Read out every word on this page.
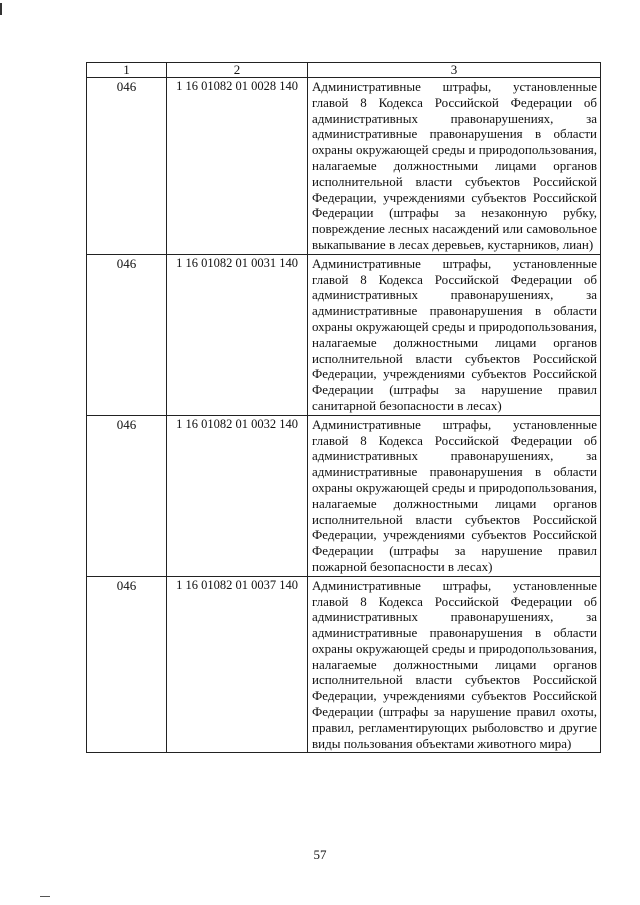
1	2	3
046	1 16 01082 01 0028 140	Административные штрафы, установленные главой 8 Кодекса Российской Федерации об административных правонарушениях, за административные правонарушения в области охраны окружающей среды и природопользования, налагаемые должностными лицами органов исполнительной власти субъектов Российской Федерации, учреждениями субъектов Российской Федерации (штрафы за незаконную рубку, повреждение лесных насаждений или самовольное выкапывание в лесах деревьев, кустарников, лиан)
046	1 16 01082 01 0031 140	Административные штрафы, установленные главой 8 Кодекса Российской Федерации об административных правонарушениях, за административные правонарушения в области охраны окружающей среды и природопользования, налагаемые должностными лицами органов исполнительной власти субъектов Российской Федерации, учреждениями субъектов Российской Федерации (штрафы за нарушение правил санитарной безопасности в лесах)
046	1 16 01082 01 0032 140	Административные штрафы, установленные главой 8 Кодекса Российской Федерации об административных правонарушениях, за административные правонарушения в области охраны окружающей среды и природопользования, налагаемые должностными лицами органов исполнительной власти субъектов Российской Федерации, учреждениями субъектов Российской Федерации (штрафы за нарушение правил пожарной безопасности в лесах)
046	1 16 01082 01 0037 140	Административные штрафы, установленные главой 8 Кодекса Российской Федерации об административных правонарушениях, за административные правонарушения в области охраны окружающей среды и природопользования, налагаемые должностными лицами органов исполнительной власти субъектов Российской Федерации, учреждениями субъектов Российской Федерации (штрафы за нарушение правил охоты, правил, регламентирующих рыболовство и другие виды пользования объектами животного мира)
57
